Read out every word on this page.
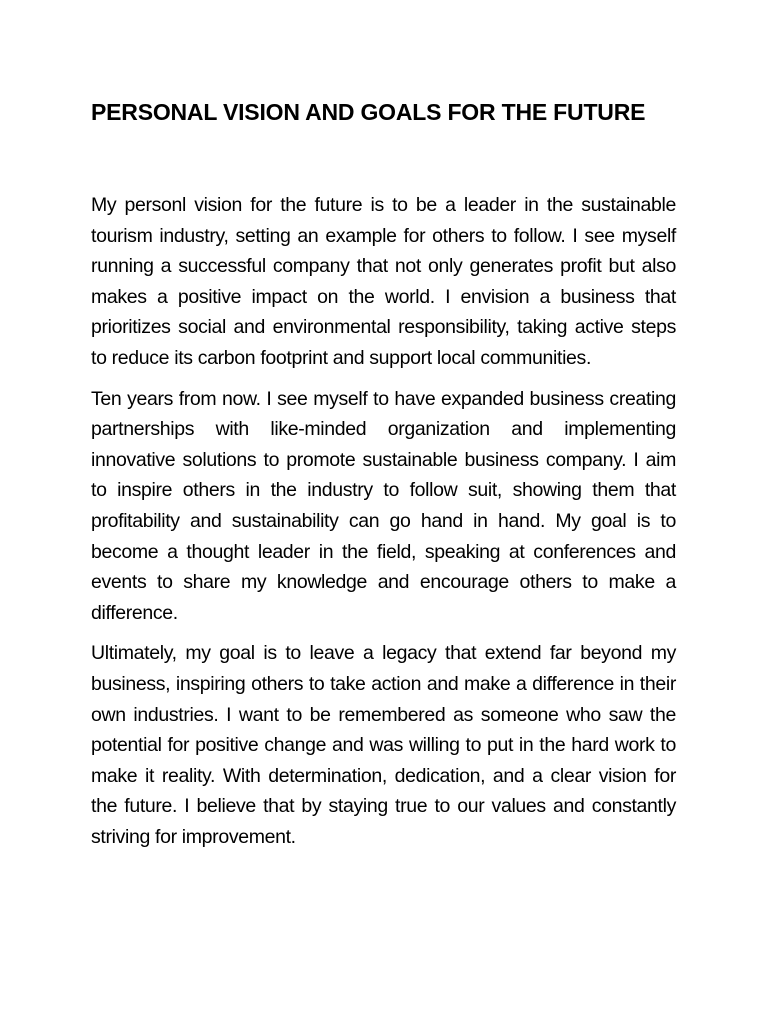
PERSONAL VISION AND GOALS FOR THE FUTURE

My personl vision for the future is to be a leader in the sustainable tourism industry, setting an example for others to follow. I see myself running a successful company that not only generates profit but also makes a positive impact on the world. I envision a business that prioritizes social and environmental responsibility, taking active steps to reduce its carbon footprint and support local communities.

Ten years from now. I see myself to have expanded business creating partnerships with like-minded organization and implementing innovative solutions to promote sustainable business company. I aim to inspire others in the industry to follow suit, showing them that profitability and sustainability can go hand in hand. My goal is to become a thought leader in the field, speaking at conferences and events to share my knowledge and encourage others to make a difference.

Ultimately, my goal is to leave a legacy that extend far beyond my business, inspiring others to take action and make a difference in their own industries. I want to be remembered as someone who saw the potential for positive change and was willing to put in the hard work to make it reality. With determination, dedication, and a clear vision for the future. I believe that by staying true to our values and constantly striving for improvement.
